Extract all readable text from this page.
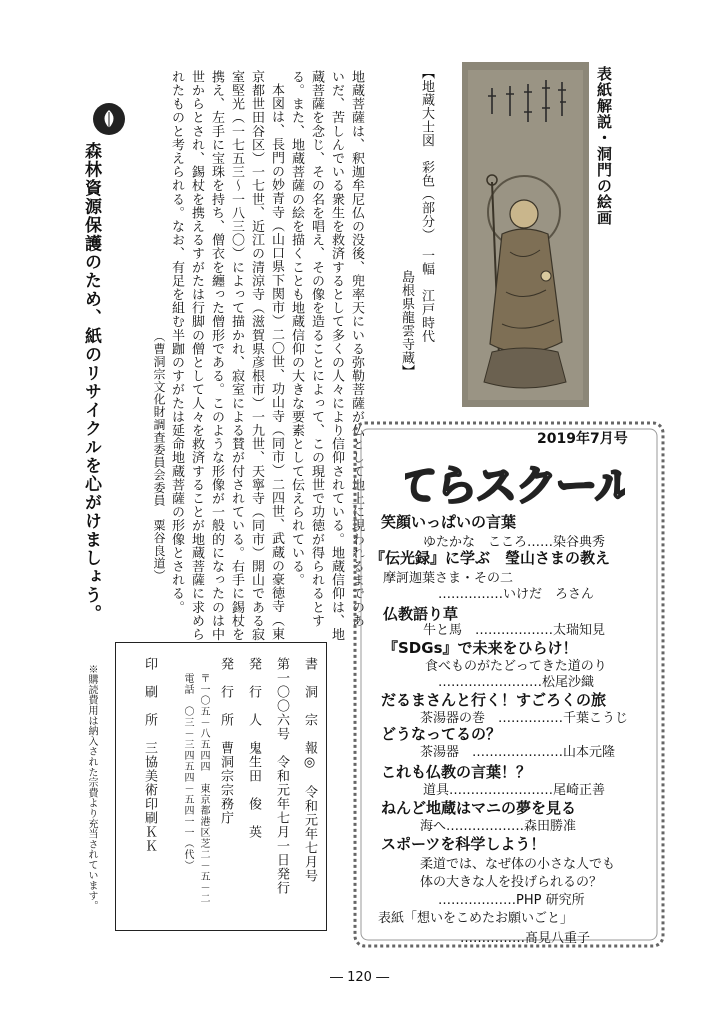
表紙解説・洞門の絵画
【地蔵大士図　彩色（部分）　一幅　江戸時代
島根県龍雲寺蔵】
地蔵菩薩は、釈迦牟尼仏の没後、兜率天にいる弥勒菩薩が仏として地上に現われるまでのあ
いだ、苦しんでいる衆生を救済するとして多くの人々により信仰されている。地蔵信仰は、地
蔵菩薩を念じ、その名を唱え、その像を造ることによって、この現世で功徳が得られるとす
る。また、地蔵菩薩の絵を描くことも地蔵信仰の大きな要素として伝えられている。
本図は、長門の妙青寺（山口県下関市）二〇世、功山寺（同市）二四世、武蔵の豪徳寺（東
京都世田谷区）一七世、近江の清涼寺（滋賀県彦根市）一九世、天寧寺（同市）開山である寂
室堅光（一七五三～一八三〇）によって描かれ、寂室による賛が付されている。右手に錫杖を
携え、左手に宝珠を持ち、僧衣を纏った僧形である。このような形像が一般的になったのは中
世からとされ、錫杖を携えるすがたは行脚の僧として人々を救済することが地蔵菩薩に求めら
れたものと考えられる。なお、有足を組む半跏のすがたは延命地蔵菩薩の形像とされる。
（曹洞宗文化財調査委員会委員　粟谷良道）
森林資源保護のため、紙のリサイクルを心がけましょう。
書　洞　宗　報◎　令和元年七月号
第一〇〇六号　令和元年七月一日発行
発　行　人　鬼生田　俊　英
発　行　所　曹洞宗宗務庁
〒一〇五－八五四四　東京都港区芝二－五－二
電話　〇三－三四五四－五四一一（代）
印　刷　所　三協美術印刷ＫＫ
※購読費用は納入された宗費より充当されています。
2019年7月号
てらスクール
笑顔いっぱいの言葉
ゆたかな　こころ……染谷典秀
『伝光録』に学ぶ　瑩山さまの教え
摩訶迦葉さま・その二
……………いけだ　ろさん
仏教語り草
牛と馬　………………太瑞知見
『SDGs』で未来をひらけ！
食べものがたどってきた道のり
……………………松尾沙織
だるまさんと行く！すごろくの旅
茶湯器の巻　……………千葉こうじ
どうなってるの？
茶湯器　…………………山本元隆
これも仏教の言葉！？
道具……………………尾崎正善
ねんど地蔵はマニの夢を見る
海へ………………森田勝准
スポーツを科学しよう！
柔道では、なぜ体の小さな人でも
体の大きな人を投げられるの？
………………PHP 研究所
表紙「想いをこめたお願いごと」
……………髙見八重子
― 120 ―
